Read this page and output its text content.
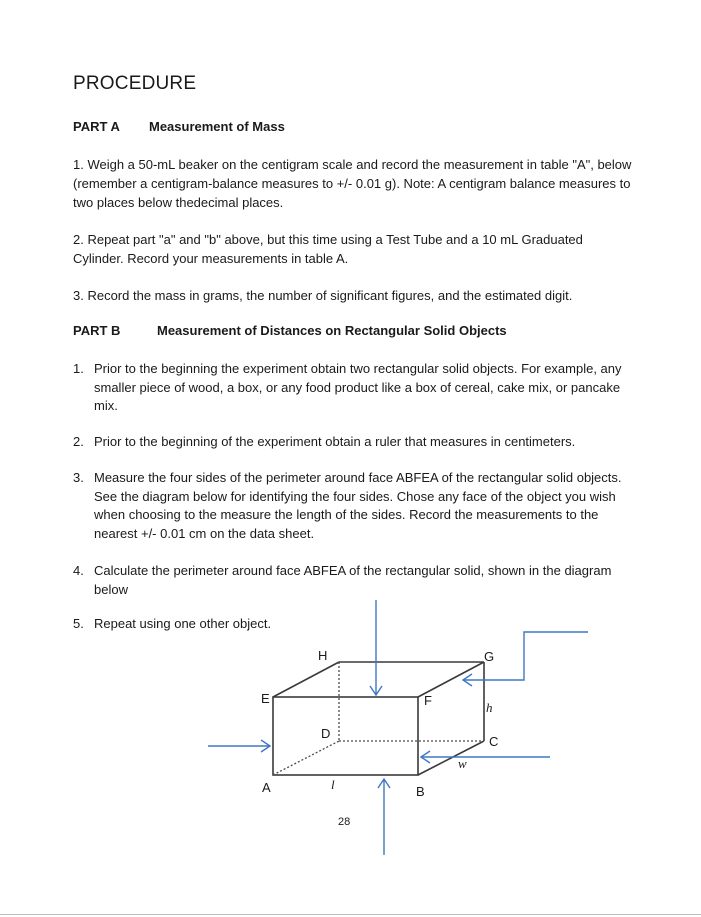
PROCEDURE
PART A Measurement of Mass
1. Weigh a 50-mL beaker on the centigram scale and record the measurement in table "A", below (remember a centigram-balance measures to +/- 0.01 g). Note: A centigram balance measures to two places below thedecimal places.
2. Repeat part "a" and "b" above, but this time using a Test Tube and a 10 mL Graduated Cylinder. Record your measurements in table A.
3. Record the mass in grams, the number of significant figures, and the estimated digit.
PART B	Measurement of Distances on Rectangular Solid Objects
1. Prior to the beginning the experiment obtain two rectangular solid objects. For example, any smaller piece of wood, a box, or any food product like a box of cereal, cake mix, or pancake mix.
2. Prior to the beginning of the experiment obtain a ruler that measures in centimeters.
3. Measure the four sides of the perimeter around face ABFEA of the rectangular solid objects. See the diagram below for identifying the four sides. Chose any face of the object you wish when choosing to the measure the length of the sides. Record the measurements to the nearest +/- 0.01 cm on the data sheet.
4. Calculate the perimeter around face ABFEA of the rectangular solid, shown in the diagram below
5. Repeat using one other object.
A	B
C
D
E	F
G
H
l
w
h
28
